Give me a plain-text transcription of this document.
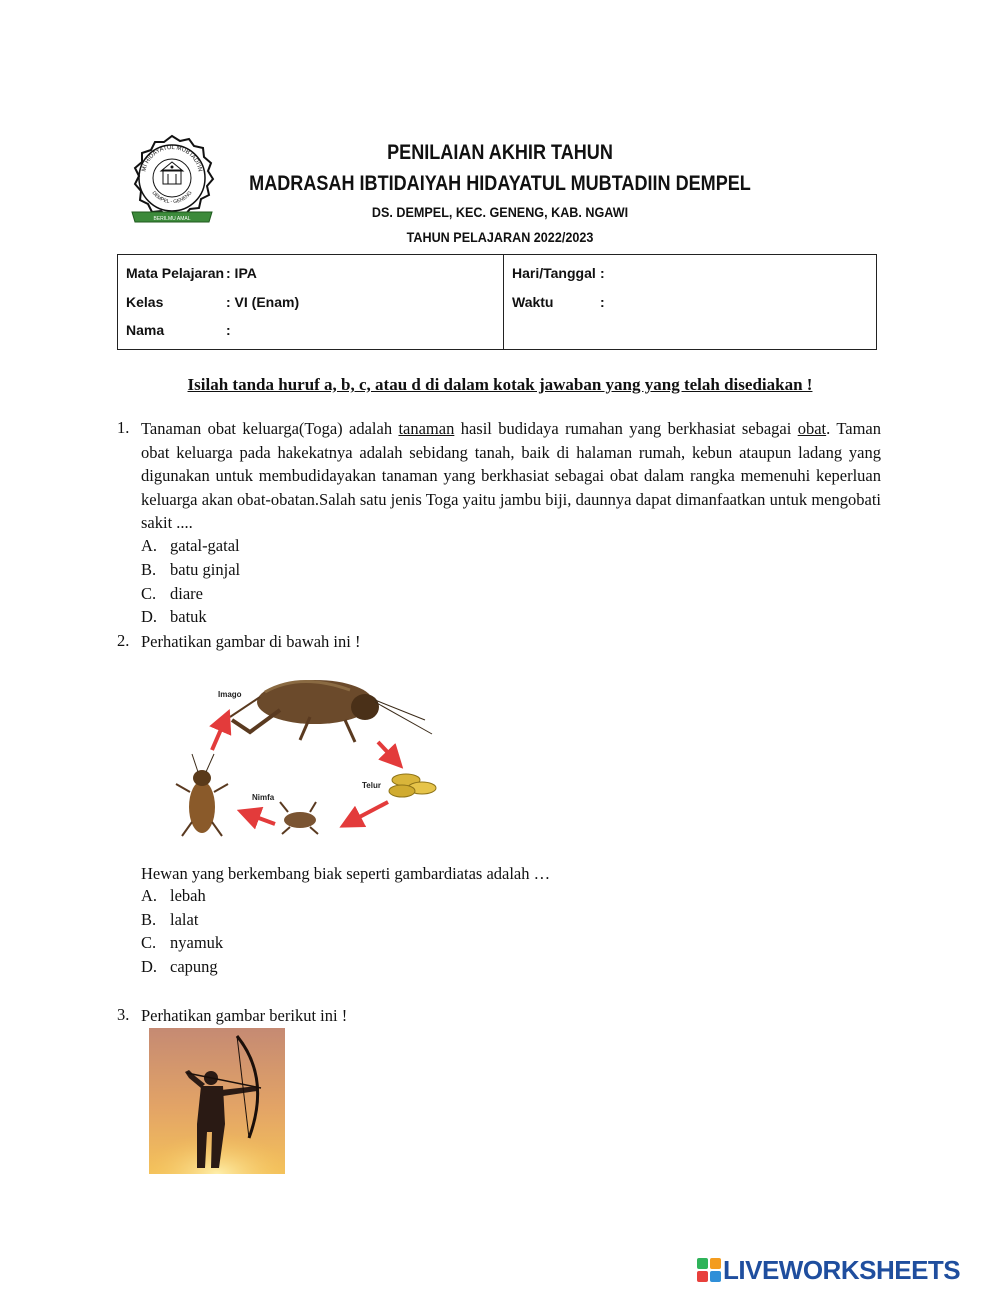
MI HIDAYATUL MUBTADI'IN
DEMPEL - GENENG
BERILMU AMAL
PENILAIAN AKHIR TAHUN
MADRASAH IBTIDAIYAH HIDAYATUL MUBTADIIN DEMPEL
DS. DEMPEL, KEC. GENENG, KAB. NGAWI
TAHUN PELAJARAN 2022/2023
Mata Pelajaran : IPA
Kelas	: VI (Enam)
Nama	:
Hari/Tanggal :
Waktu	:
Isilah tanda huruf a, b, c, atau d di dalam kotak jawaban yang yang telah disediakan !
1. Tanaman obat keluarga(Toga) adalah tanaman hasil budidaya rumahan yang berkhasiat sebagai obat. Taman obat keluarga pada hakekatnya adalah sebidang tanah, baik di halaman rumah, kebun ataupun ladang yang digunakan untuk membudidayakan tanaman yang berkhasiat sebagai obat dalam rangka memenuhi keperluan keluarga akan obat-obatan.Salah satu jenis Toga yaitu jambu biji, daunnya dapat dimanfaatkan untuk mengobati sakit ....
A. gatal-gatal
B. batu ginjal
C. diare
D. batuk
2. Perhatikan gambar di bawah ini !
Imago
Telur
Nimfa
Hewan yang berkembang biak seperti gambardiatas adalah …
A. lebah
B. lalat
C. nyamuk
D. capung
3. Perhatikan gambar berikut ini !
LIVEWORKSHEETS
